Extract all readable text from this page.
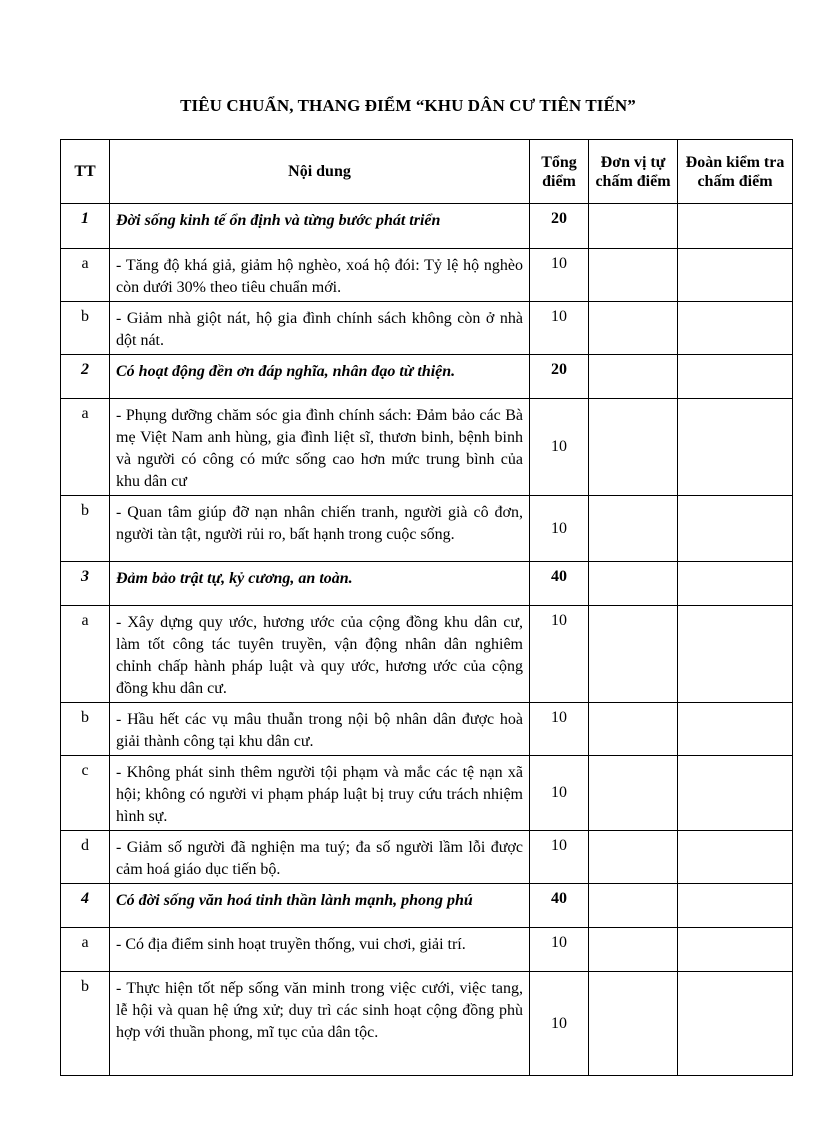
TIÊU CHUẨN, THANG ĐIỂM “KHU DÂN CƯ TIÊN TIẾN”
TT	Nội dung	Tổng điểm	Đơn vị tự chấm điểm	Đoàn kiểm tra chấm điểm
1	Đời sống kinh tế ổn định và từng bước phát triển	20		
a	- Tăng độ khá giả, giảm hộ nghèo, xoá hộ đói: Tỷ lệ hộ nghèo còn dưới 30% theo tiêu chuẩn mới.	10		
b	- Giảm nhà giột nát, hộ gia đình chính sách không còn ở nhà dột nát.	10		
2	Có hoạt động đền ơn đáp nghĩa, nhân đạo từ thiện.	20		
a	- Phụng dưỡng chăm sóc gia đình chính sách: Đảm bảo các Bà mẹ Việt Nam anh hùng, gia đình liệt sĩ, thươn binh, bệnh binh và người có công có mức sống cao hơn mức trung bình của khu dân cư	10		
b	- Quan tâm giúp đỡ nạn nhân chiến tranh, người già cô đơn, người tàn tật, người rủi ro, bất hạnh trong cuộc sống.	10		
3	Đảm bảo trật tự, kỷ cương, an toàn.	40		
a	- Xây dựng quy ước, hương ước của cộng đồng khu dân cư, làm tốt công tác tuyên truyền, vận động nhân dân nghiêm chỉnh chấp hành pháp luật và quy ước, hương ước của cộng đồng khu dân cư.	10		
b	- Hầu hết các vụ mâu thuẫn trong nội bộ nhân dân được hoà giải thành công tại khu dân cư.	10		
c	- Không phát sinh thêm người tội phạm và mắc các tệ nạn xã hội; không có người vi phạm pháp luật bị truy cứu trách nhiệm hình sự.	10		
d	- Giảm số người đã nghiện ma tuý; đa số người lầm lỗi được cảm hoá giáo dục tiến bộ.	10		
4	Có đời sống văn hoá tinh thần lành mạnh, phong phú	40		
a	- Có địa điểm sinh hoạt truyền thống, vui chơi, giải trí.	10		
b	- Thực hiện tốt nếp sống văn minh trong việc cưới, việc tang, lễ hội và quan hệ ứng xử; duy trì các sinh hoạt cộng đồng phù hợp với thuần phong, mĩ tục của dân tộc.	10		
